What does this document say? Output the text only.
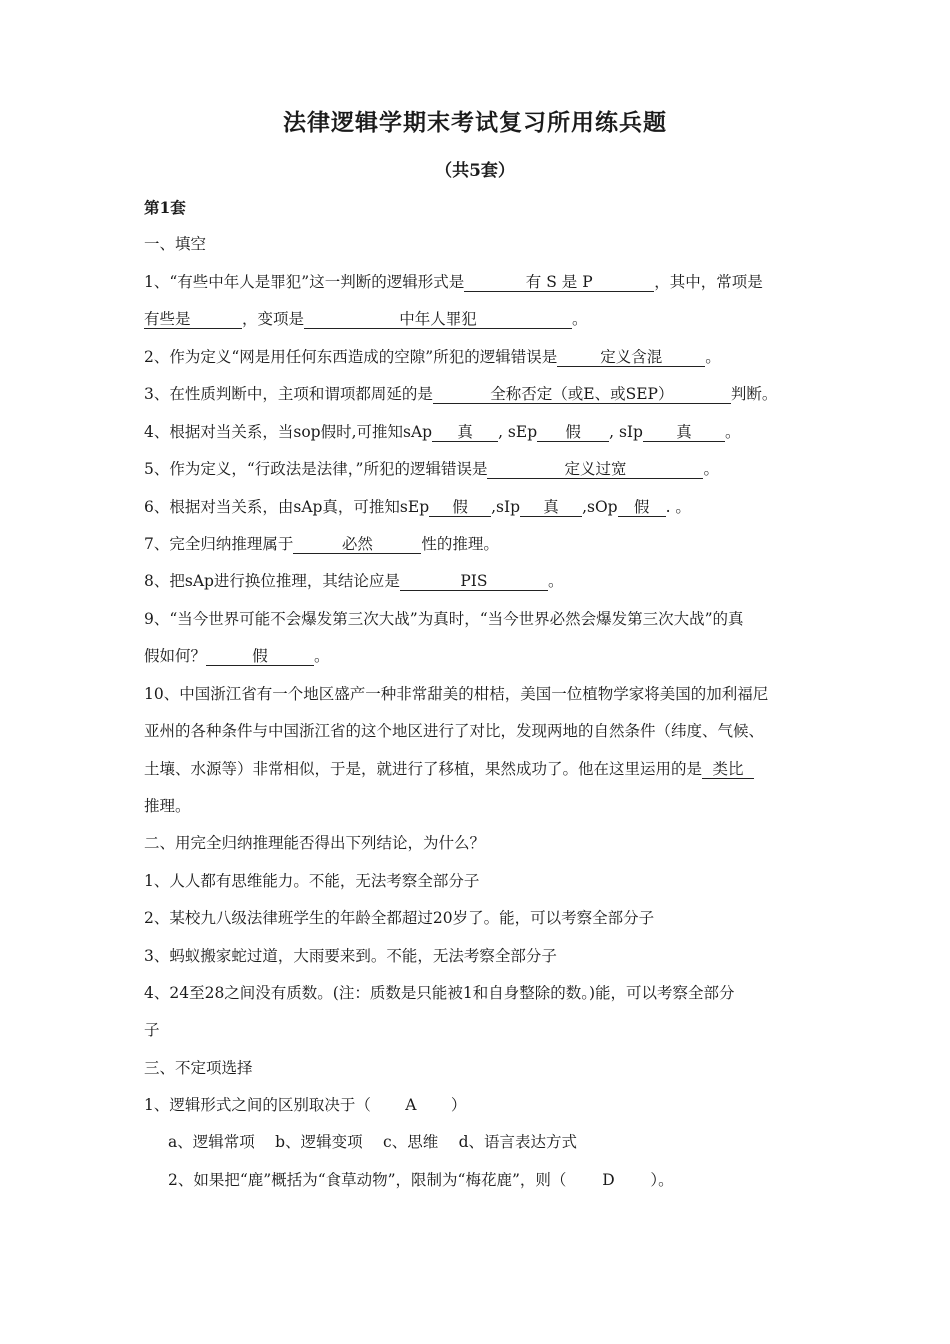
法律逻辑学期末考试复习所用练兵题
（共5套）
第1套
一、填空
1、“有些中年人是罪犯”这一判断的逻辑形式是	有 S 是 P	，其中，常项是
有些是	，变项是	中年人罪犯	。
2、作为定义“网是用任何东西造成的空隙”所犯的逻辑错误是	定义含混	。
3、在性质判断中，主项和谓项都周延的是	全称否定（或E、或SEP）	判断。
4、根据对当关系，当sop假时,可推知sAp 真 , sEp 假 , sIp 真 。
5、作为定义，“行政法是法律，”所犯的逻辑错误是	定义过宽	。
6、根据对当关系，由sAp真，可推知sEp 假 ,sIp 真 ,sOp 假 . 。
7、完全归纳推理属于	必然	性的推理。
8、把sAp进行换位推理，其结论应是	PIS	。
9、“当今世界可能不会爆发第三次大战”为真时，“当今世界必然会爆发第三次大战”的真
假如何？	假	。
10、中国浙江省有一个地区盛产一种非常甜美的柑桔，美国一位植物学家将美国的加利福尼
亚州的各种条件与中国浙江省的这个地区进行了对比，发现两地的自然条件（纬度、气候、
土壤、水源等）非常相似，于是，就进行了移植，果然成功了。他在这里运用的是 类比
推理。
二、用完全归纳推理能否得出下列结论，为什么？
1、人人都有思维能力。不能，无法考察全部分子
2、某校九八级法律班学生的年龄全都超过20岁了。能，可以考察全部分子
3、蚂蚁搬家蛇过道，大雨要来到。不能，无法考察全部分子
4、24至28之间没有质数。(注：质数是只能被1和自身整除的数。)能，可以考察全部分
子
三、不定项选择
1、逻辑形式之间的区别取决于（ A ）
a、逻辑常项　 b、逻辑变项　 c、思维　 d、语言表达方式
2、如果把“鹿”概括为“食草动物”，限制为“梅花鹿”，则（ D ）。
